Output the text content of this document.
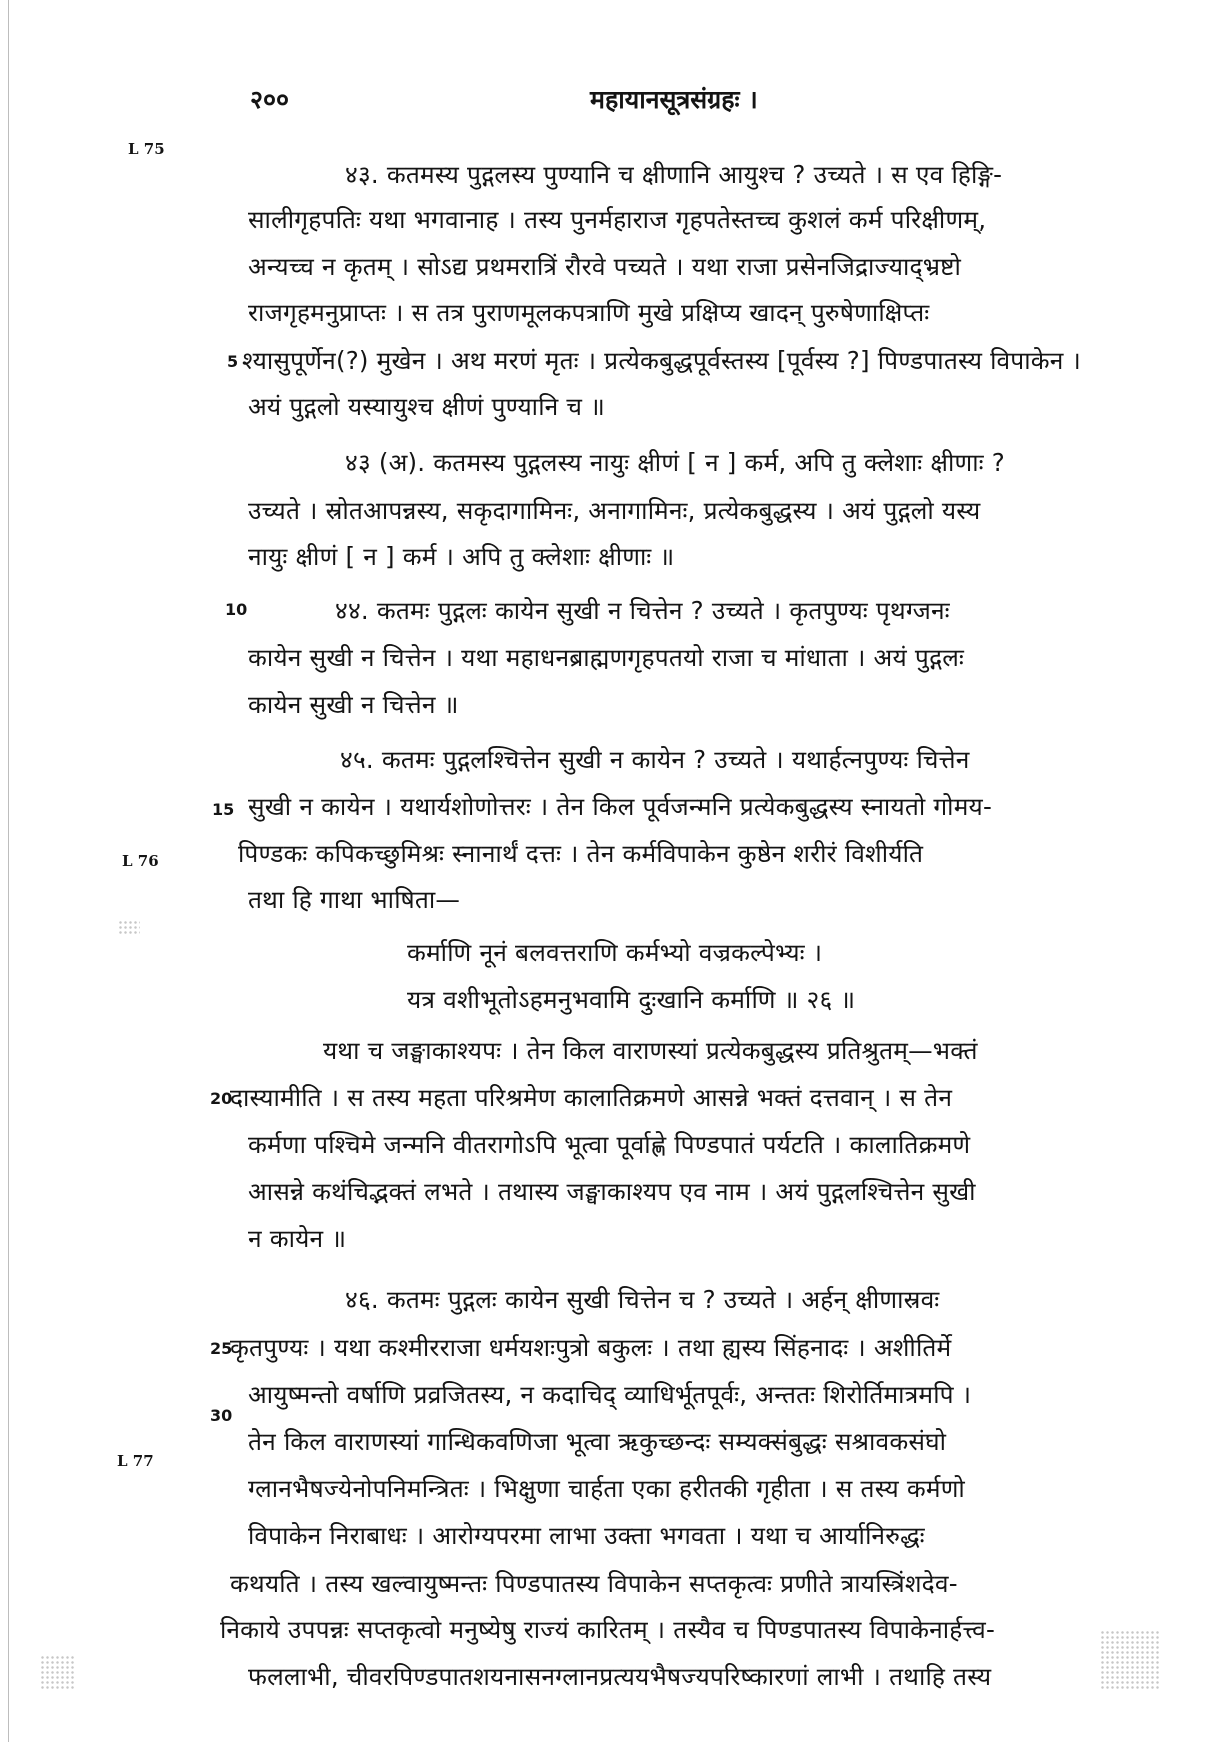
२००	महायानसूत्रसंग्रहः ।
L 75
L 76
L 77
5
10
15
20
25
30
४३. कतमस्य पुद्गलस्य पुण्यानि च क्षीणानि आयुश्च ? उच्यते । स एव हिङ्गि-
सालीगृहपतिः यथा भगवानाह । तस्य पुनर्महाराज गृहपतेस्तच्च कुशलं कर्म परिक्षीणम्,
अन्यच्च न कृतम् । सोऽद्य प्रथमरात्रिं रौरवे पच्यते । यथा राजा प्रसेनजिद्राज्याद्भ्रष्टो
राजगृहमनुप्राप्तः । स तत्र पुराणमूलकपत्राणि मुखे प्रक्षिप्य खादन् पुरुषेणाक्षिप्तः
श्यासुपूर्णेन(?) मुखेन । अथ मरणं मृतः । प्रत्येकबुद्धपूर्वस्तस्य [पूर्वस्य ?] पिण्डपातस्य विपाकेन ।
अयं पुद्गलो यस्यायुश्च क्षीणं पुण्यानि च ॥
४३ (अ). कतमस्य पुद्गलस्य नायुः क्षीणं [ न ] कर्म, अपि तु क्लेशाः क्षीणाः ?
उच्यते । स्रोतआपन्नस्य, सकृदागामिनः, अनागामिनः, प्रत्येकबुद्धस्य । अयं पुद्गलो यस्य
नायुः क्षीणं [ न ] कर्म । अपि तु क्लेशाः क्षीणाः ॥
४४. कतमः पुद्गलः कायेन सुखी न चित्तेन ? उच्यते । कृतपुण्यः पृथग्जनः
कायेन सुखी न चित्तेन । यथा महाधनब्राह्मणगृहपतयो राजा च मांधाता । अयं पुद्गलः
कायेन सुखी न चित्तेन ॥
४५. कतमः पुद्गलश्चित्तेन सुखी न कायेन ? उच्यते । यथार्हत्नपुण्यः चित्तेन
सुखी न कायेन । यथार्यशोणोत्तरः । तेन किल पूर्वजन्मनि प्रत्येकबुद्धस्य स्नायतो गोमय-
पिण्डकः कपिकच्छुमिश्रः स्नानार्थं दत्तः । तेन कर्मविपाकेन कुष्ठेन शरीरं विशीर्यति
तथा हि गाथा भाषिता—
कर्माणि नूनं बलवत्तराणि कर्मभ्यो वज्रकल्पेभ्यः ।
यत्र वशीभूतोऽहमनुभवामि दुःखानि कर्माणि ॥ २६ ॥
यथा च जङ्घाकाश्यपः । तेन किल वाराणस्यां प्रत्येकबुद्धस्य प्रतिश्रुतम्—भक्तं
दास्यामीति । स तस्य महता परिश्रमेण कालातिक्रमणे आसन्ने भक्तं दत्तवान् । स तेन
कर्मणा पश्चिमे जन्मनि वीतरागोऽपि भूत्वा पूर्वाह्णे पिण्डपातं पर्यटति । कालातिक्रमणे
आसन्ने कथंचिद्भक्तं लभते । तथास्य जङ्घाकाश्यप एव नाम । अयं पुद्गलश्चित्तेन सुखी
न कायेन ॥
४६. कतमः पुद्गलः कायेन सुखी चित्तेन च ? उच्यते । अर्हन् क्षीणास्रवः
कृतपुण्यः । यथा कश्मीरराजा धर्मयशःपुत्रो बकुलः । तथा ह्यस्य सिंहनादः । अशीतिर्मे
आयुष्मन्तो वर्षाणि प्रव्रजितस्य, न कदाचिद् व्याधिर्भूतपूर्वः, अन्ततः शिरोर्तिमात्रमपि ।
तेन किल वाराणस्यां गान्धिकवणिजा भूत्वा ऋकुच्छन्दः सम्यक्संबुद्धः सश्रावकसंघो
ग्लानभैषज्येनोपनिमन्त्रितः । भिक्षुणा चार्हता एका हरीतकी गृहीता । स तस्य कर्मणो
विपाकेन निराबाधः । आरोग्यपरमा लाभा उक्ता भगवता । यथा च आर्यानिरुद्धः
कथयति । तस्य खल्वायुष्मन्तः पिण्डपातस्य विपाकेन सप्तकृत्वः प्रणीते त्रायस्त्रिंशदेव-
निकाये उपपन्नः सप्तकृत्वो मनुष्येषु राज्यं कारितम् । तस्यैव च पिण्डपातस्य विपाकेनार्हत्त्व-
फललाभी, चीवरपिण्डपातशयनासनग्लानप्रत्ययभैषज्यपरिष्कारणां लाभी । तथाहि तस्य
